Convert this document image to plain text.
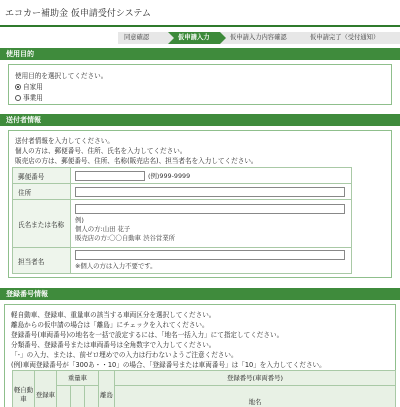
エコカー補助金 仮申請受付システム
同意確認	仮申請入力	仮申請入力内容確認	仮申請完了（受付通知）
使用目的
使用目的を選択してください。
自家用
事業用
送付者情報
送付者情報を入力してください。
個人の方は、郵便番号、住所、氏名を入力してください。
販売店の方は、郵便番号、住所、名称(販売店名)、担当者名を入力してください。
郵便番号	(例)999-9999
住所	
氏名または名称	例)
個人の方:山田 花子
販売店の方:〇〇自動車 渋谷営業所

担当者名	※個人の方は入力不要です。
登録番号情報
軽自動車、登録車、重量車の該当する車両区分を選択してください。
離島からの仮申請の場合は「離島」にチェックを入れてください。
登録番号(車両番号)の地名を一括で設定するには、「地名一括入力」にて指定してください。
分類番号、登録番号または車両番号は全角数字で入力してください。
「-」の入力、または、前ゼロ埋めでの入力は行わないようご注意ください。
(例)車両登録番号が「300あ・・10」の場合、「登録番号または車両番号」は「10」を入力してください。
軽自動車	登録車	重量車			離島	登録番号(車両番号)
						地名
